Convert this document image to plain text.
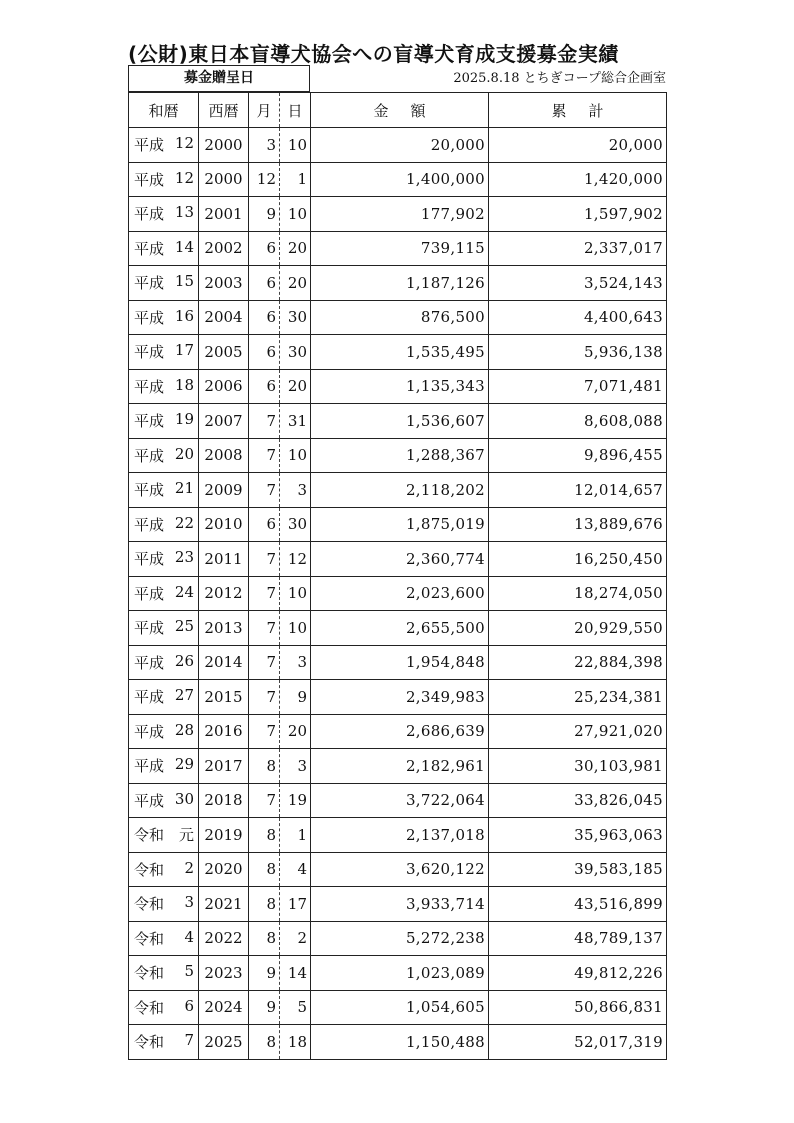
(公財)東日本盲導犬協会への盲導犬育成支援募金実績
募金贈呈日	2025.8.18 とちぎコープ総合企画室
和暦	西暦	月	日	金額	累計
平成 12	2000	3	10	20,000	20,000
平成 12	2000	12	1	1,400,000	1,420,000
平成 13	2001	9	10	177,902	1,597,902
平成 14	2002	6	20	739,115	2,337,017
平成 15	2003	6	20	1,187,126	3,524,143
平成 16	2004	6	30	876,500	4,400,643
平成 17	2005	6	30	1,535,495	5,936,138
平成 18	2006	6	20	1,135,343	7,071,481
平成 19	2007	7	31	1,536,607	8,608,088
平成 20	2008	7	10	1,288,367	9,896,455
平成 21	2009	7	3	2,118,202	12,014,657
平成 22	2010	6	30	1,875,019	13,889,676
平成 23	2011	7	12	2,360,774	16,250,450
平成 24	2012	7	10	2,023,600	18,274,050
平成 25	2013	7	10	2,655,500	20,929,550
平成 26	2014	7	3	1,954,848	22,884,398
平成 27	2015	7	9	2,349,983	25,234,381
平成 28	2016	7	20	2,686,639	27,921,020
平成 29	2017	8	3	2,182,961	30,103,981
平成 30	2018	7	19	3,722,064	33,826,045
令和 元	2019	8	1	2,137,018	35,963,063
令和 2	2020	8	4	3,620,122	39,583,185
令和 3	2021	8	17	3,933,714	43,516,899
令和 4	2022	8	2	5,272,238	48,789,137
令和 5	2023	9	14	1,023,089	49,812,226
令和 6	2024	9	5	1,054,605	50,866,831
令和 7	2025	8	18	1,150,488	52,017,319
